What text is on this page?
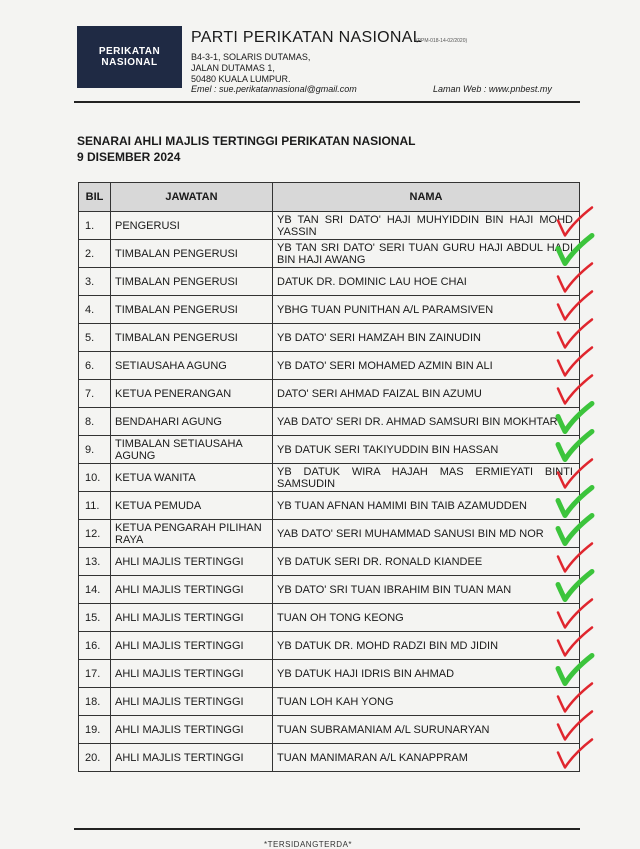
PERIKATAN
NASIONAL
PARTI PERIKATAN NASIONAL
(PPM-018-14-02/2020)
B4-3-1, SOLARIS DUTAMAS,
JALAN DUTAMAS 1,
50480 KUALA LUMPUR.
Emel : sue.perikatannasional@gmail.com	Laman Web : www.pnbest.my
SENARAI AHLI MAJLIS TERTINGGI PERIKATAN NASIONAL
9 DISEMBER 2024
BIL	JAWATAN	NAMA
1.	PENGERUSI	YB TAN SRI DATO' HAJI MUHYIDDIN BIN HAJI MOHD YASSIN
2.	TIMBALAN PENGERUSI	YB TAN SRI DATO' SERI TUAN GURU HAJI ABDUL HADI BIN HAJI AWANG
3.	TIMBALAN PENGERUSI	DATUK DR. DOMINIC LAU HOE CHAI
4.	TIMBALAN PENGERUSI	YBHG TUAN PUNITHAN A/L PARAMSIVEN
5.	TIMBALAN PENGERUSI	YB DATO' SERI HAMZAH BIN ZAINUDIN
6.	SETIAUSAHA AGUNG	YB DATO' SERI MOHAMED AZMIN BIN ALI
7.	KETUA PENERANGAN	DATO' SERI AHMAD FAIZAL BIN AZUMU
8.	BENDAHARI AGUNG	YAB DATO' SERI DR. AHMAD SAMSURI BIN MOKHTAR
9.	TIMBALAN SETIAUSAHA AGUNG	YB DATUK SERI TAKIYUDDIN BIN HASSAN
10.	KETUA WANITA	YB DATUK WIRA HAJAH MAS ERMIEYATI BINTI SAMSUDIN
11.	KETUA PEMUDA	YB TUAN AFNAN HAMIMI BIN TAIB AZAMUDDEN
12.	KETUA PENGARAH PILIHAN RAYA	YAB DATO' SERI MUHAMMAD SANUSI BIN MD NOR
13.	AHLI MAJLIS TERTINGGI	YB DATUK SERI DR. RONALD KIANDEE
14.	AHLI MAJLIS TERTINGGI	YB DATO' SRI TUAN IBRAHIM BIN TUAN MAN
15.	AHLI MAJLIS TERTINGGI	TUAN OH TONG KEONG
16.	AHLI MAJLIS TERTINGGI	YB DATUK DR. MOHD RADZI BIN MD JIDIN
17.	AHLI MAJLIS TERTINGGI	YB DATUK HAJI IDRIS BIN AHMAD
18.	AHLI MAJLIS TERTINGGI	TUAN LOH KAH YONG
19.	AHLI MAJLIS TERTINGGI	TUAN SUBRAMANIAM A/L SURUNARYAN
20.	AHLI MAJLIS TERTINGGI	TUAN MANIMARAN A/L KANAPPRAM
*TERSIDANGTERDA*
